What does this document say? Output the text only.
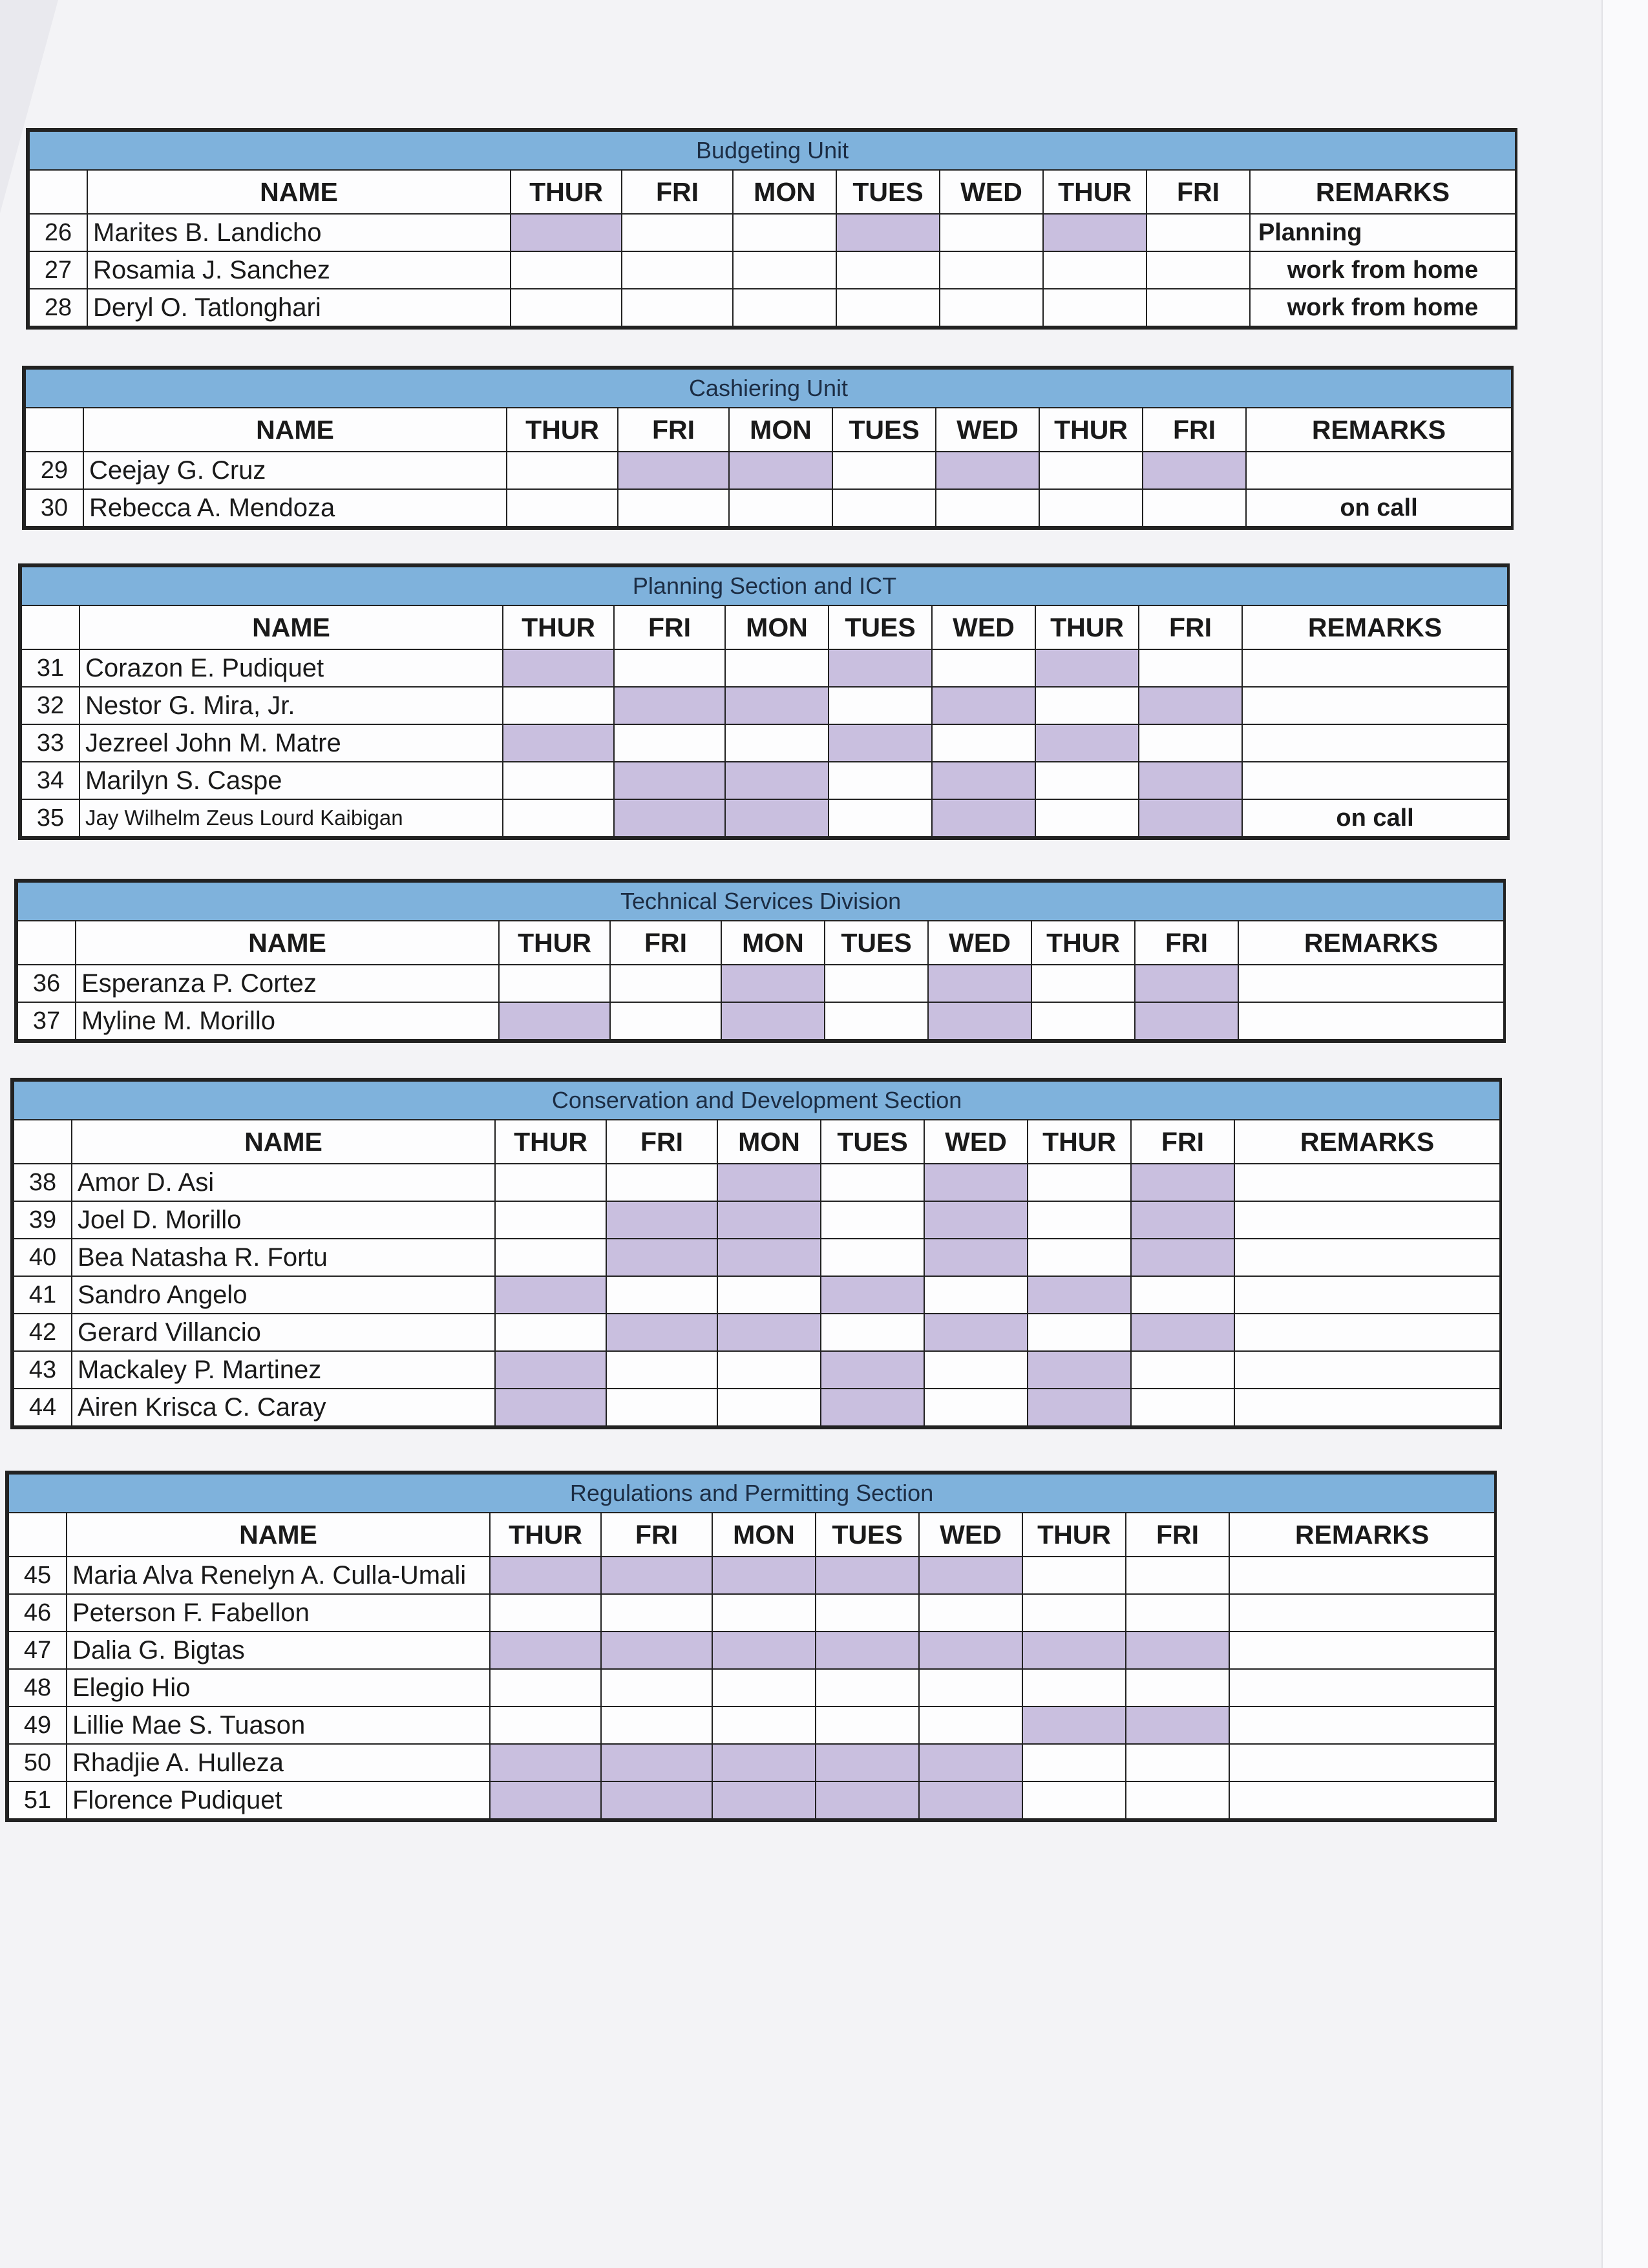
Budgeting Unit									
	NAME	THUR	FRI	MON	TUES	WED	THUR	FRI	REMARKS
26	Marites B. Landicho								Planning
27	Rosamia J. Sanchez								work from home
28	Deryl O. Tatlonghari								work from home
Cashiering Unit									
	NAME	THUR	FRI	MON	TUES	WED	THUR	FRI	REMARKS
29	Ceejay G. Cruz								
30	Rebecca A. Mendoza								on call
Planning Section and ICT									
	NAME	THUR	FRI	MON	TUES	WED	THUR	FRI	REMARKS
31	Corazon E. Pudiquet								
32	Nestor G. Mira, Jr.								
33	Jezreel John M. Matre								
34	Marilyn S. Caspe								
35	Jay Wilhelm Zeus Lourd Kaibigan								on call
Technical Services Division									
	NAME	THUR	FRI	MON	TUES	WED	THUR	FRI	REMARKS
36	Esperanza P. Cortez								
37	Myline M. Morillo								
Conservation and Development Section									
	NAME	THUR	FRI	MON	TUES	WED	THUR	FRI	REMARKS
38	Amor D. Asi								
39	Joel D. Morillo								
40	Bea Natasha R. Fortu								
41	Sandro Angelo								
42	Gerard Villancio								
43	Mackaley P. Martinez								
44	Airen Krisca C. Caray								
Regulations and Permitting Section									
	NAME	THUR	FRI	MON	TUES	WED	THUR	FRI	REMARKS
45	Maria Alva Renelyn A. Culla-Umali								
46	Peterson F. Fabellon								
47	Dalia G. Bigtas								
48	Elegio Hio								
49	Lillie Mae S. Tuason								
50	Rhadjie A. Hulleza								
51	Florence Pudiquet								
